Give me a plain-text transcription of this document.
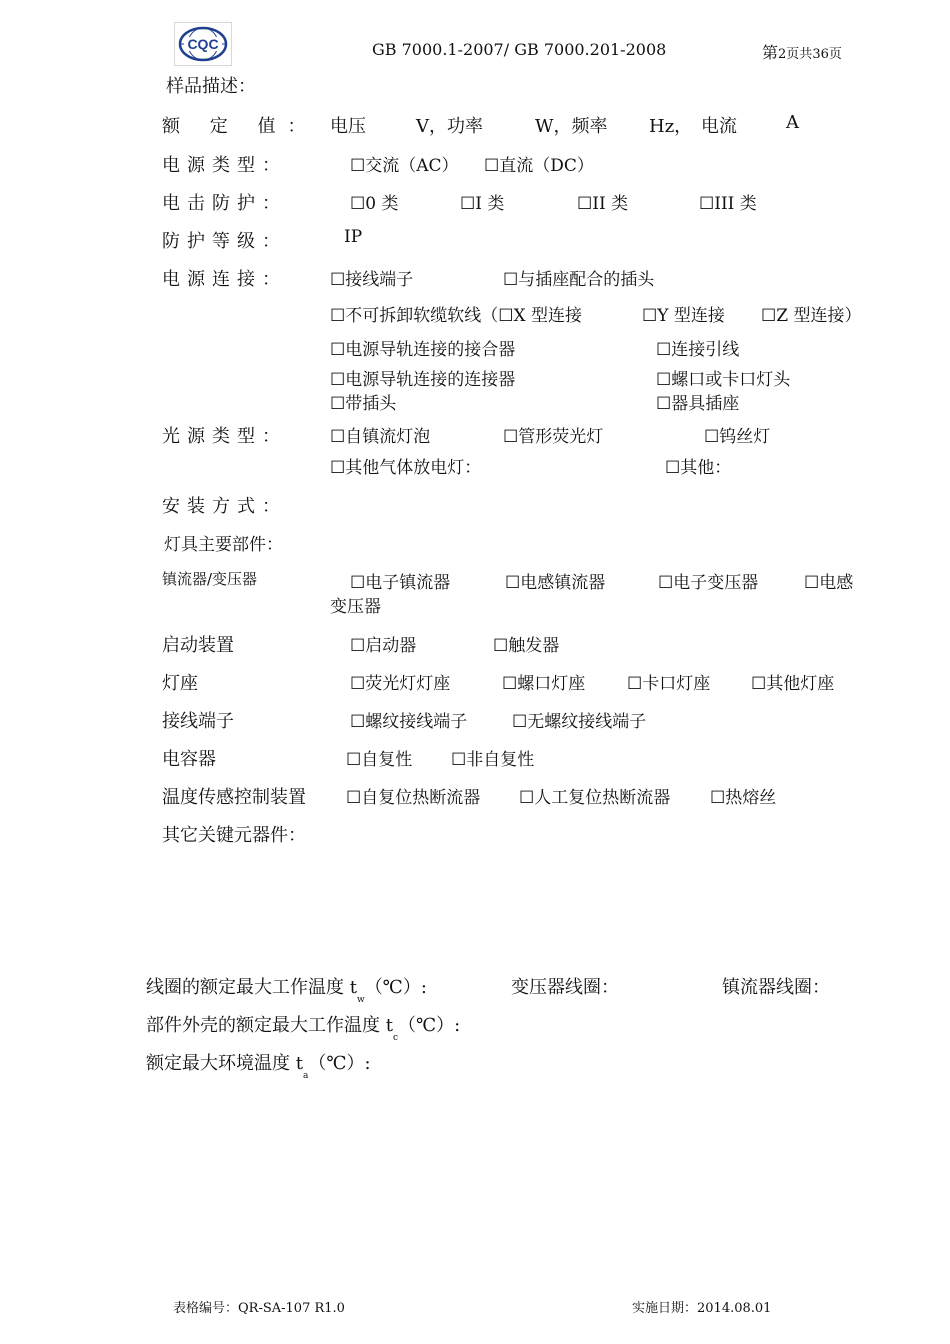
CQC	GB 7000.1-2007/ GB 7000.201-2008	第2页共36页
样品描述：
额 定 值： 电压	V，功率	W，频率 Hz， 电流	A
电源类型：	☐交流（AC） ☐直流（DC）
电击防护：	☐0 类	☐I 类	☐II 类	☐III 类
防护等级：	IP
电源连接：	☐接线端子	☐与插座配合的插头
☐不可拆卸软缆软线（☐X 型连接	☐Y 型连接 ☐Z 型连接）
☐电源导轨连接的接合器	☐连接引线
☐电源导轨连接的连接器	☐螺口或卡口灯头
☐带插头	☐器具插座
光源类型：	☐自镇流灯泡	☐管形荧光灯	☐钨丝灯
☐其他气体放电灯：	☐其他：
安装方式：
灯具主要部件：
镇流器/变压器	☐电子镇流器	☐电感镇流器	☐电子变压器	☐电感
变压器
启动装置	☐启动器	☐触发器
灯座	☐荧光灯灯座	☐螺口灯座 ☐卡口灯座 ☐其他灯座
接线端子	☐螺纹接线端子	☐无螺纹接线端子
电容器	☐自复性 ☐非自复性
温度传感控制装置 ☐自复位热断流器 ☐人工复位热断流器 ☐热熔丝
其它关键元器件：
线圈的额定最大工作温度 $t_w(℃)$:	变压器线圈：	镇流器线圈：
部件外壳的额定最大工作温度 $t_c(℃)$:
额定最大环境温度 $t_a(℃)$:
表格编号：QR-SA-107 R1.0	实施日期：2014.08.01
